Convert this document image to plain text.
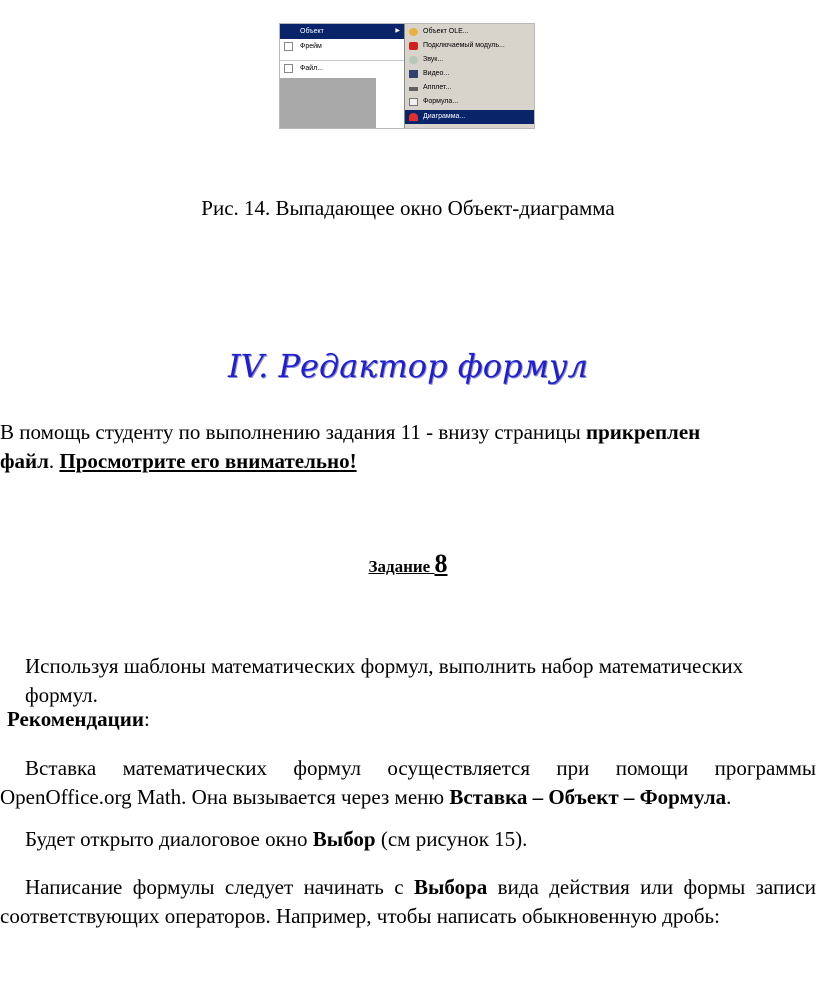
Объект	▶
Фрейм
Файл...
Объект OLE...
Подключаемый модуль...
Звук...
Видео...
Апплет...
Формула...
Диаграмма...
Рис. 14. Выпадающее окно Объект-диаграмма
IV. Редактор формул
В помощь студенту по выполнению задания 11 - внизу страницы прикреплен
файл. Просмотрите его внимательно!
Задание 8
Используя шаблоны математических формул, выполнить набор математических формул.
Рекомендации:
Вставка математических формул осуществляется при помощи программы
OpenOffice.org Math. Она вызывается через меню Вставка – Объект – Формула.
Будет открыто диалоговое окно Выбор (см рисунок 15).
Написание формулы следует начинать с Выбора вида действия или формы записи
соответствующих операторов. Например, чтобы написать обыкновенную дробь:
